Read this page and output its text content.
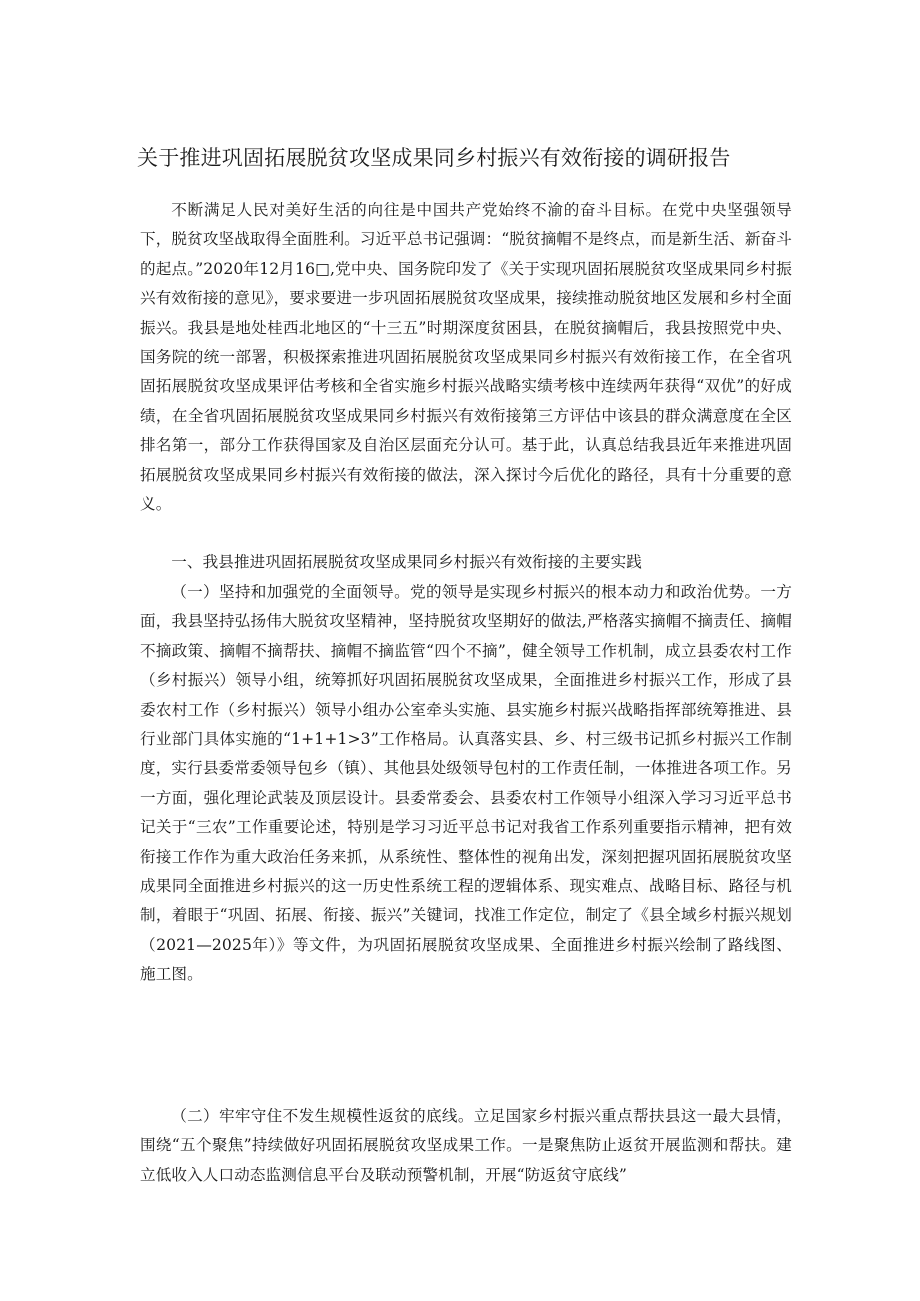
关于推进巩固拓展脱贫攻坚成果同乡村振兴有效衔接的调研报告

不断满足人民对美好生活的向往是中国共产党始终不渝的奋斗目标。在党中央坚强领导下，脱贫攻坚战取得全面胜利。习近平总书记强调：“脱贫摘帽不是终点，而是新生活、新奋斗的起点。”2020年12月16□,党中央、国务院印发了《关于实现巩固拓展脱贫攻坚成果同乡村振兴有效衔接的意见》，要求要进一步巩固拓展脱贫攻坚成果，接续推动脱贫地区发展和乡村全面振兴。我县是地处桂西北地区的“十三五”时期深度贫困县，在脱贫摘帽后，我县按照党中央、国务院的统一部署，积极探索推进巩固拓展脱贫攻坚成果同乡村振兴有效衔接工作，在全省巩固拓展脱贫攻坚成果评估考核和全省实施乡村振兴战略实绩考核中连续两年获得“双优”的好成绩，在全省巩固拓展脱贫攻坚成果同乡村振兴有效衔接第三方评估中该县的群众满意度在全区排名第一，部分工作获得国家及自治区层面充分认可。基于此，认真总结我县近年来推进巩固拓展脱贫攻坚成果同乡村振兴有效衔接的做法，深入探讨今后优化的路径，具有十分重要的意义。

一、我县推进巩固拓展脱贫攻坚成果同乡村振兴有效衔接的主要实践

（一）坚持和加强党的全面领导。党的领导是实现乡村振兴的根本动力和政治优势。一方面，我县坚持弘扬伟大脱贫攻坚精神，坚持脱贫攻坚期好的做法,严格落实摘帽不摘责任、摘帽不摘政策、摘帽不摘帮扶、摘帽不摘监管“四个不摘”，健全领导工作机制，成立县委农村工作（乡村振兴）领导小组，统筹抓好巩固拓展脱贫攻坚成果，全面推进乡村振兴工作，形成了县委农村工作（乡村振兴）领导小组办公室牵头实施、县实施乡村振兴战略指挥部统筹推进、县行业部门具体实施的“1+1+1>3”工作格局。认真落实县、乡、村三级书记抓乡村振兴工作制度，实行县委常委领导包乡（镇）、其他县处级领导包村的工作责任制，一体推进各项工作。另一方面，强化理论武装及顶层设计。县委常委会、县委农村工作领导小组深入学习习近平总书记关于“三农”工作重要论述，特别是学习习近平总书记对我省工作系列重要指示精神，把有效衔接工作作为重大政治任务来抓，从系统性、整体性的视角出发，深刻把握巩固拓展脱贫攻坚成果同全面推进乡村振兴的这一历史性系统工程的逻辑体系、现实难点、战略目标、路径与机制，着眼于“巩固、拓展、衔接、振兴”关键词，找准工作定位，制定了《县全域乡村振兴规划（2021—2025年）》等文件，为巩固拓展脱贫攻坚成果、全面推进乡村振兴绘制了路线图、施工图。

（二）牢牢守住不发生规模性返贫的底线。立足国家乡村振兴重点帮扶县这一最大县情，围绕“五个聚焦”持续做好巩固拓展脱贫攻坚成果工作。一是聚焦防止返贫开展监测和帮扶。建立低收入人口动态监测信息平台及联动预警机制，开展“防返贫守底线”
